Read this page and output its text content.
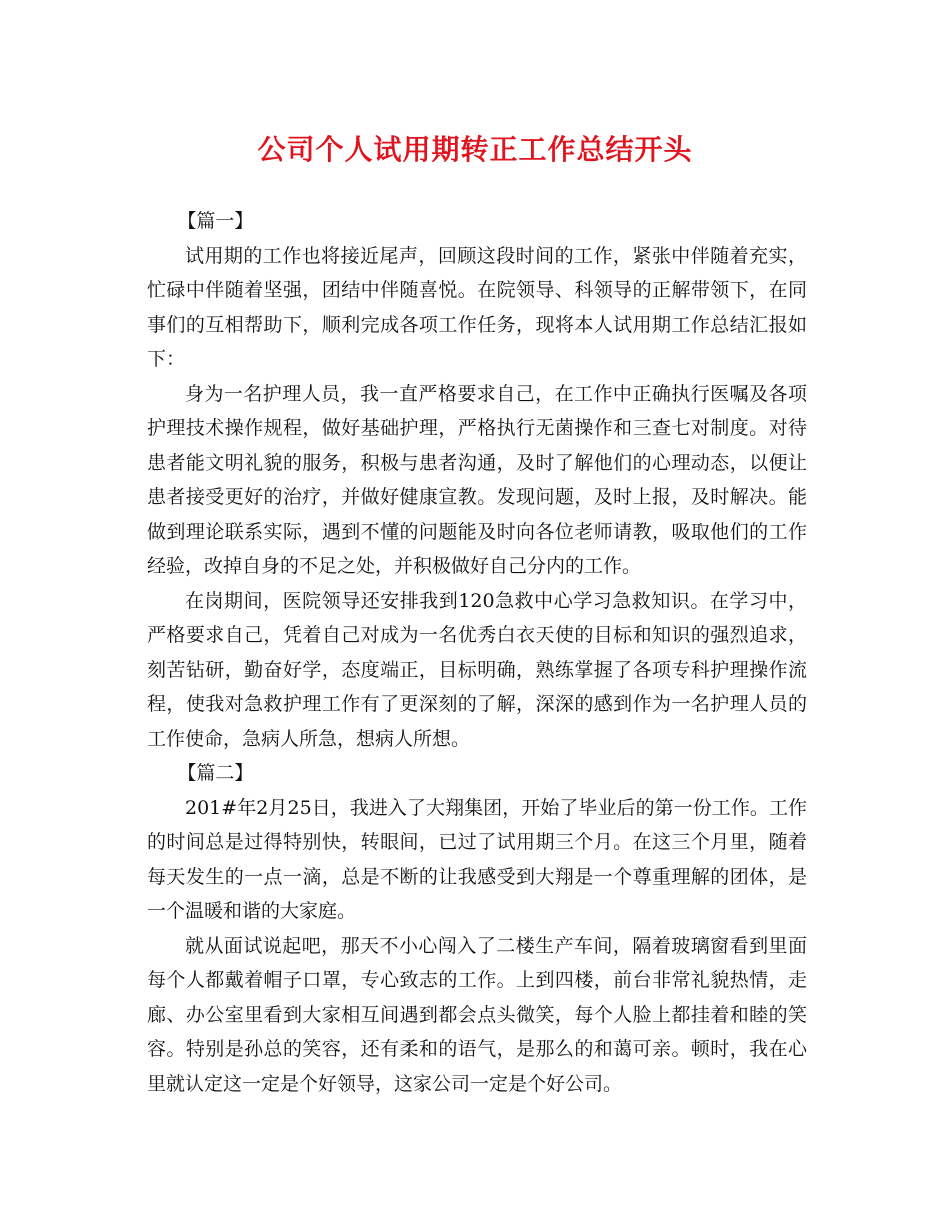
公司个人试用期转正工作总结开头

【篇一】

试用期的工作也将接近尾声，回顾这段时间的工作，紧张中伴随着充实，忙碌中伴随着坚强，团结中伴随喜悦。在院领导、科领导的正解带领下，在同事们的互相帮助下，顺利完成各项工作任务，现将本人试用期工作总结汇报如下：

身为一名护理人员，我一直严格要求自己，在工作中正确执行医嘱及各项护理技术操作规程，做好基础护理，严格执行无菌操作和三查七对制度。对待患者能文明礼貌的服务，积极与患者沟通，及时了解他们的心理动态，以便让患者接受更好的治疗，并做好健康宣教。发现问题，及时上报，及时解决。能做到理论联系实际，遇到不懂的问题能及时向各位老师请教，吸取他们的工作经验，改掉自身的不足之处，并积极做好自己分内的工作。

在岗期间，医院领导还安排我到120急救中心学习急救知识。在学习中，严格要求自己，凭着自己对成为一名优秀白衣天使的目标和知识的强烈追求，刻苦钻研，勤奋好学，态度端正，目标明确，熟练掌握了各项专科护理操作流程，使我对急救护理工作有了更深刻的了解，深深的感到作为一名护理人员的工作使命，急病人所急，想病人所想。

【篇二】

201#年2月25日，我进入了大翔集团，开始了毕业后的第一份工作。工作的时间总是过得特别快，转眼间，已过了试用期三个月。在这三个月里，随着每天发生的一点一滴，总是不断的让我感受到大翔是一个尊重理解的团体，是一个温暖和谐的大家庭。

就从面试说起吧，那天不小心闯入了二楼生产车间，隔着玻璃窗看到里面每个人都戴着帽子口罩，专心致志的工作。上到四楼，前台非常礼貌热情，走廊、办公室里看到大家相互间遇到都会点头微笑，每个人脸上都挂着和睦的笑容。特别是孙总的笑容，还有柔和的语气，是那么的和蔼可亲。顿时，我在心里就认定这一定是个好领导，这家公司一定是个好公司。
